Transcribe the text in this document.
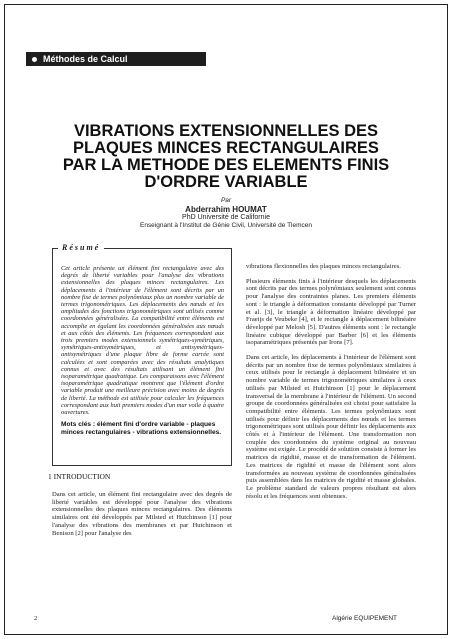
Méthodes de Calcul
VIBRATIONS EXTENSIONNELLES DES
PLAQUES MINCES RECTANGULAIRES
PAR LA METHODE DES ELEMENTS FINIS
D'ORDRE VARIABLE
Par
Abderrahim HOUMAT
PhD Université de Californie
Enseignant à l'Institut de Génie Civil, Université de Tlemcen
Cet article présente un élément fini rectangulaire avec des degrés de liberté variables pour l'analyse des vibrations extensionnelles des plaques minces rectangulaires. Les déplacements à l'intérieur de l'élément sont décrits par un nombre fixe de termes polynômiaux plus un nombre variable de termes trigonométriques. Les déplacements des nœuds et les amplitudes des fonctions trigonométriques sont utilisés comme coordonnées généralisées. La compatibilité entre éléments est accomplie en égalant les coordonnées généralisées aux nœuds et aux côtés des éléments. Les fréquences correspondant aux trois premiers modes extensionnels symétriques-symétriques, symétriques-antisymétriques, et antisymétriques-antisymétriques d'une plaque libre de forme carrée sont calculées et sont comparées avec des résultats analytiques connus et avec des résultats utilisant un élément fini isoparamétrique quadratique. Les comparaisons avec l'élément isoparamétrique quadratique montrent que l'élément d'ordre variable produit une meilleure précision avec moins de degrés de liberté. La méthode est utilisée pour calculer les fréquences correspondant aux huit premiers modes d'un mur voile à quatre ouvertures.
Mots clés : élément fini d'ordre variable - plaques minces rectangulaires - vibrations extensionnelles.
Résumé
1 INTRODUCTION
Dans cet article, un élément fini rectangulaire avec des degrés de liberté variables est développé pour l'analyse des vibrations extensionnelles des plaques minces rectangulaires. Des éléments similaires ont été développés par Milsted et Hutchinson [1] pour l'analyse des vibrations des membranes et par Hutchinson et Benison [2] pour l'analyse des
vibrations flexionnelles des plaques minces rectangulaires.
Plusieurs éléments finis à l'intérieur desquels les déplacements sont décrits par des termes polynômiaux seulement sont connus pour l'analyse des contraintes planes. Les premiers éléments sont : le triangle à déformation constante développé par Turner et al. [3], le triangle à déformation linéaire développé par Fraeijs de Veubeke [4], et le rectangle à déplacement bilinéaire développé par Melosh [5]. D'autres éléments sont : le rectangle linéaire cubique développé par Barber [6] et les éléments isoparamétriques présentés par Irons [7].
Dans cet article, les déplacements à l'intérieur de l'élément sont décrits par un nombre fixe de termes polynômiaux similaires à ceux utilisés pour le rectangle à déplacement bilinéaire et un nombre variable de termes trigonométriques similaires à ceux utilisés par Milsted et Hutchinson [1] pour le déplacement transversal de la membrane à l'intérieur de l'élément. Un second groupe de coordonnées généralisées est choisi pour satisfaire la compatibilité entre éléments. Les termes polynômiaux sont utilisés pour définir les déplacements des nœuds et les termes trigonométriques sont utilisés pour définir les déplacements aux côtés et à l'intérieur de l'élément. Une transformation non couplée des coordonnées du système original au nouveau système est exigée. Le procédé de solution consiste à former les matrices de rigidité, masse et de transformation de l'élément. Les matrices de rigidité et masse de l'élément sont alors transformées au nouveau système de coordonnées généralisées puis assemblées dans les matrices de rigidité et masse globales. Le problème standard de valeurs propres résultant est alors résolu et les fréquences sont obtenues.
2	Algérie EQUIPEMENT
